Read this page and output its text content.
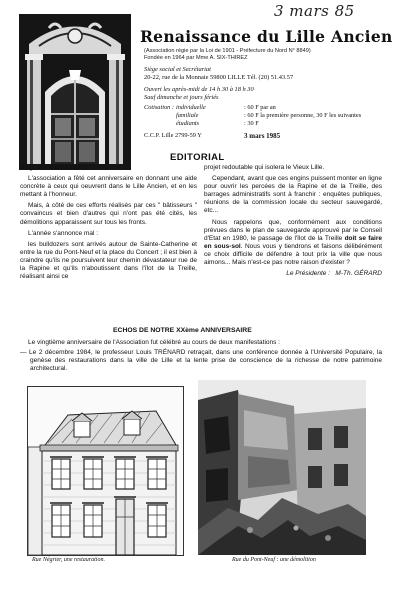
3 mars 85
Renaissance du Lille Ancien
(Association régie par la Loi de 1901 - Préfecture du Nord N° 8849)
Fondée en 1964 par Mme A. SIX-THIREZ
Siège social et Secrétariat
20-22, rue de la Monnaie 59800 LILLE Tél. (20) 51.43.57
Ouvert les après-midi de 14 h 30 à 18 h 30
Sauf dimanche et jours fériés
Cotisation : individuelle	: 60 F par an
familiale	: 60 F la première personne, 30 F les suivantes
étudiants	: 30 F
C.C.P. Lille 2799-59 Y	3 mars 1985
EDITORIAL

Vingt ans d'existence...

L'association a fêté cet anniversaire en donnant une aide concrète à ceux qui oeuvrent dans le Lille Ancien, et en les mettant à l'honneur.

Mais, à côté de ces efforts réalisés par ces " bâtisseurs " convaincus et bien d'autres qui n'ont pas été cités, les démolitions apparaissent sur tous les fronts.

L'année s'annonce mal :

les bulldozers sont arrivés autour de Sainte-Catherine et entre la rue du Pont-Neuf et la place du Concert ; il est bien à craindre qu'ils ne poursuivent leur chemin dévastateur rue de la Rapine et qu'ils n'aboutissent dans l'îlot de la Treille, réalisant ainsi ce

projet redoutable qui isolera le Vieux Lille.

Cependant, avant que ces engins puissent monter en ligne pour ouvrir les percées de la Rapine et de la Treille, des barrages administratifs sont à franchir : enquêtes publiques, réunions de la commission locale du secteur sauvegardé, etc...

Nous rappelons que, conformément aux conditions prévues dans le plan de sauvegarde approuvé par le Conseil d'Etat en 1980, le passage de l'îlot de la Treille doit se faire en sous-sol. Nous vous y tiendrons et faisons délibérément ce choix difficile de défendre à tout prix la ville que nous aimons... Mais n'est-ce pas notre raison d'exister ?

Le Présidente : M-Th. GÉRARD

ECHOS DE NOTRE XXème ANNIVERSAIRE

Le vingtième anniversaire de l'Association fut célébré au cours de deux manifestations :

— Le 2 décembre 1984, le professeur Louis TRÉNARD retraçait, dans une conférence donnée à l'Université Populaire, la genèse des restaurations dans la ville de Lille et la lente prise de conscience de la richesse de notre patrimoine architectural.

Rue Négrier, une restauration.	Rue du Pont-Neuf : une démolition
